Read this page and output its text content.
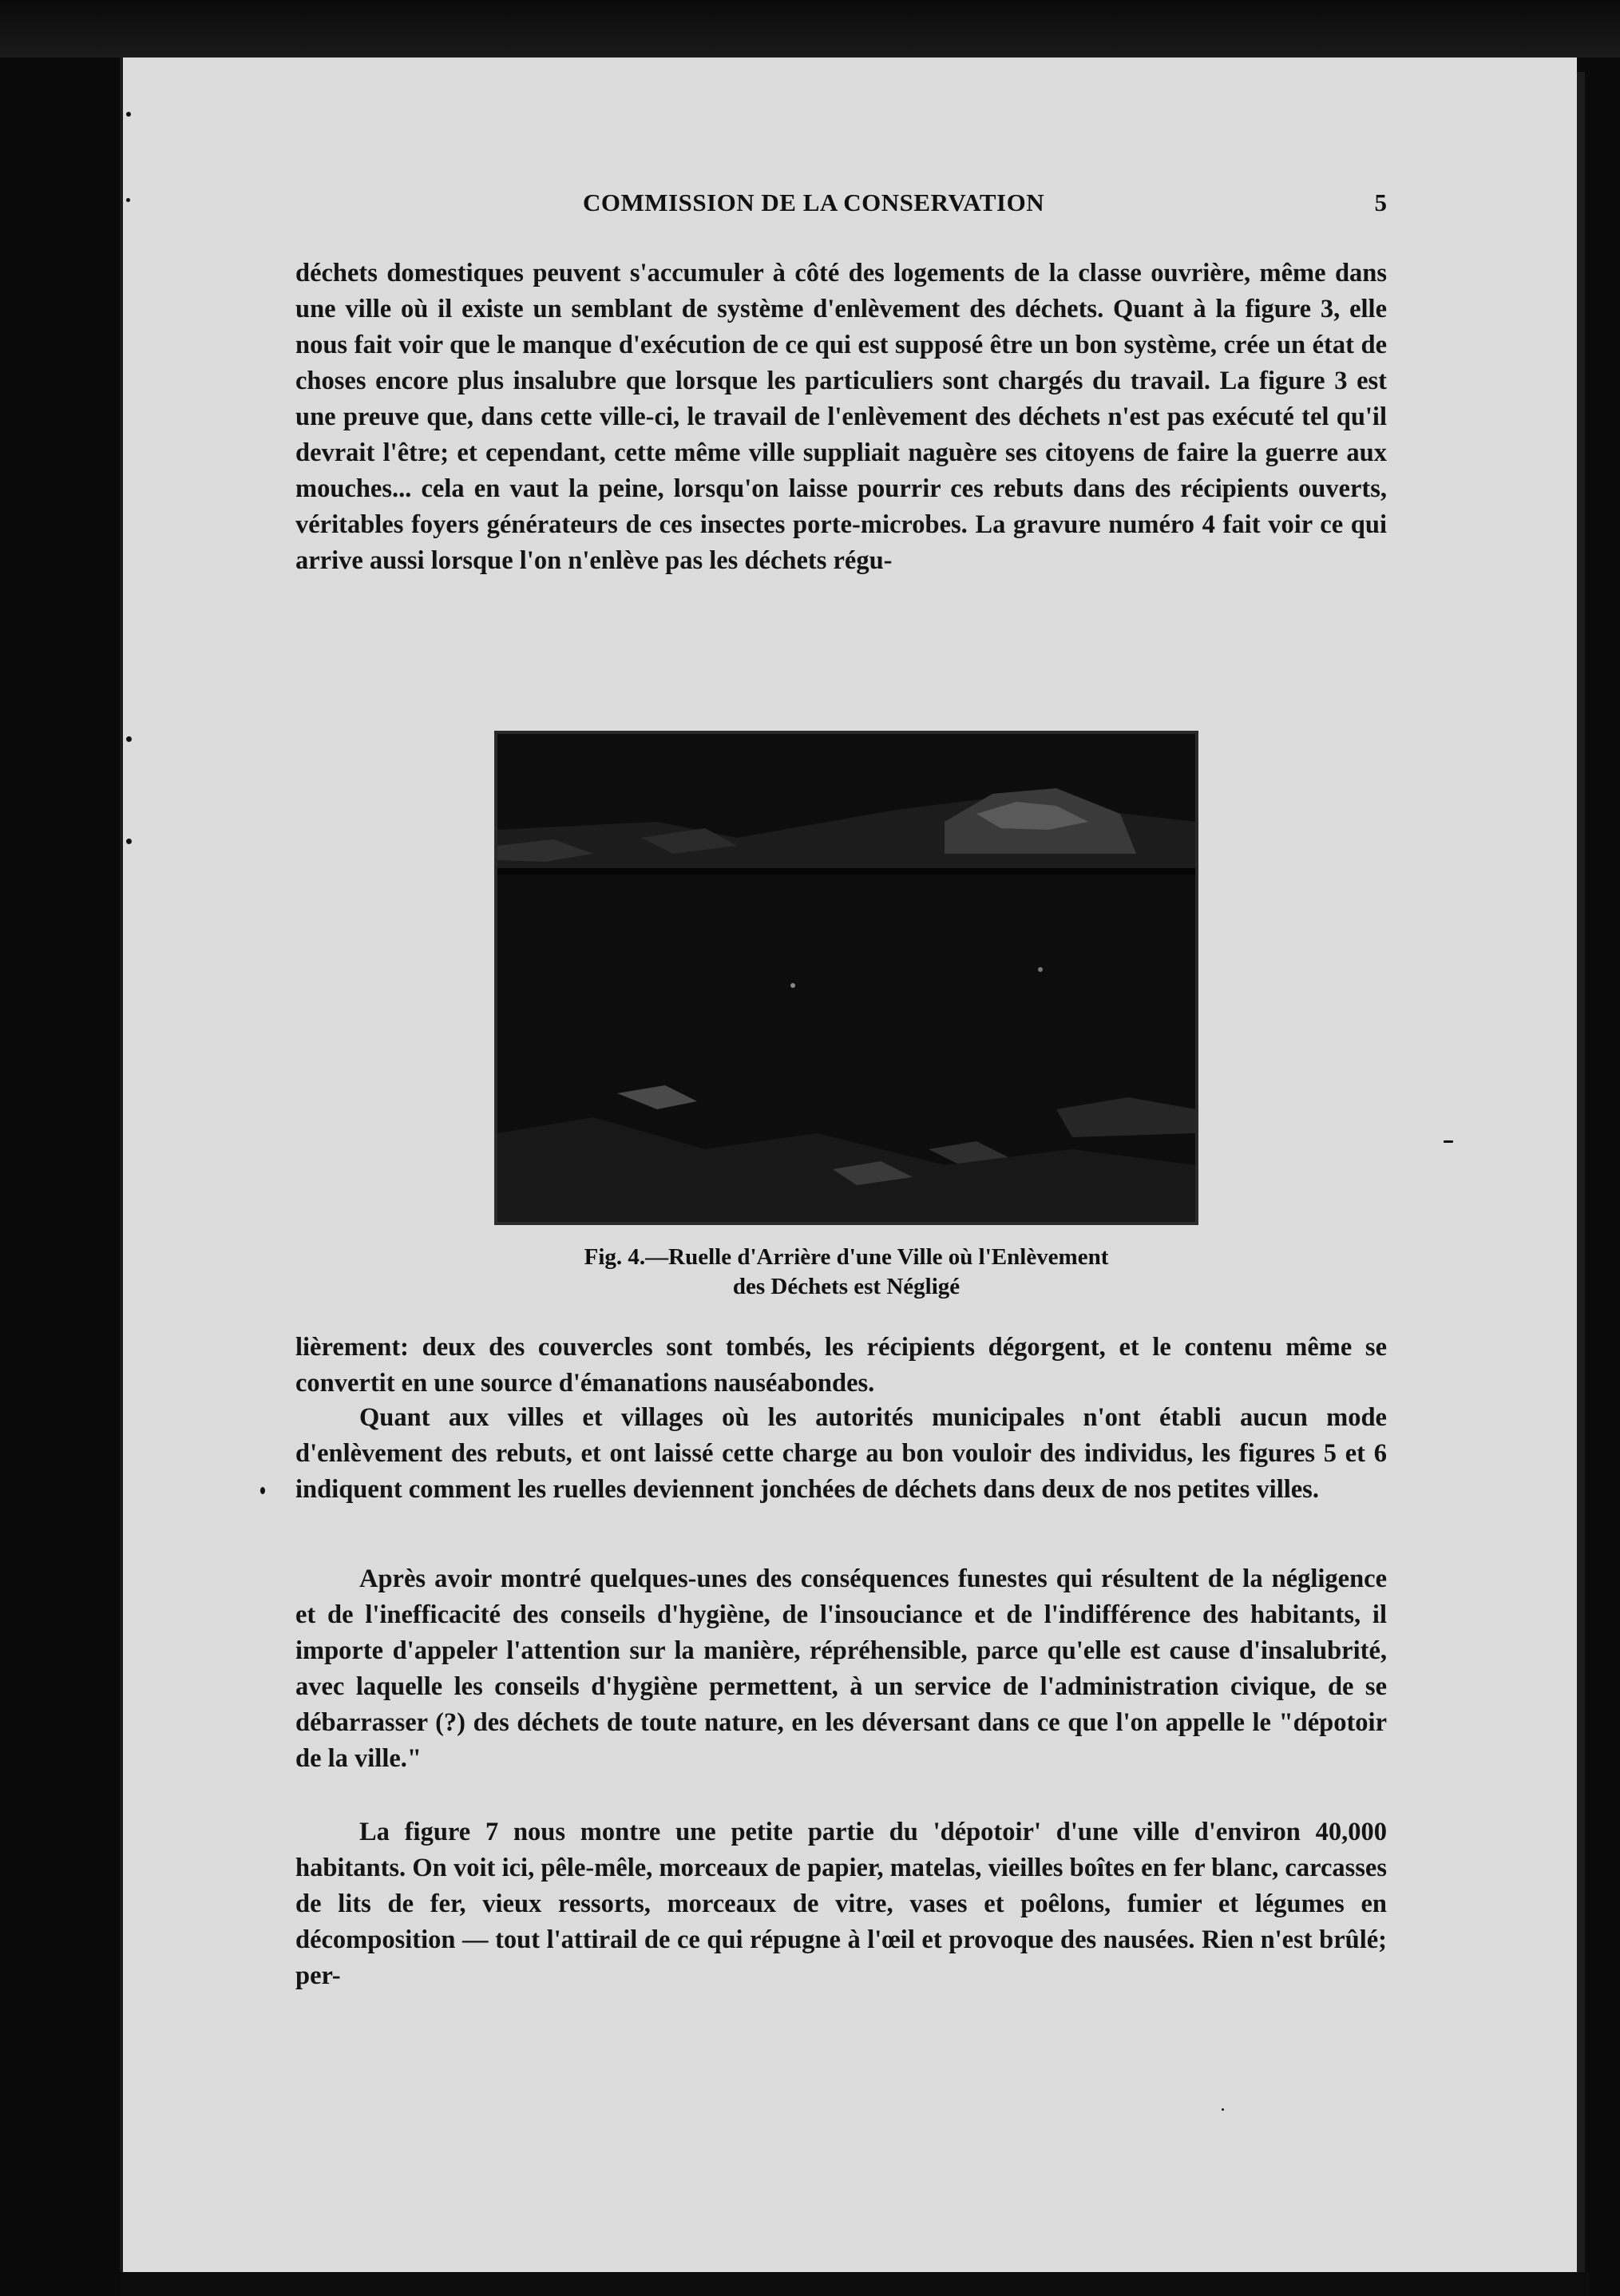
COMMISSION DE LA CONSERVATION	5

déchets domestiques peuvent s'accumuler à côté des logements de la classe ouvrière, même dans une ville où il existe un semblant de système d'enlèvement des déchets. Quant à la figure 3, elle nous fait voir que le manque d'exécution de ce qui est supposé être un bon système, crée un état de choses encore plus insalubre que lorsque les particuliers sont chargés du travail. La figure 3 est une preuve que, dans cette ville-ci, le travail de l'enlèvement des déchets n'est pas exécuté tel qu'il devrait l'être; et cependant, cette même ville suppliait naguère ses citoyens de faire la guerre aux mouches... cela en vaut la peine, lorsqu'on laisse pourrir ces rebuts dans des récipients ouverts, véritables foyers générateurs de ces insectes porte-microbes. La gravure numéro 4 fait voir ce qui arrive aussi lorsque l'on n'enlève pas les déchets régu-

Fig. 4.—Ruelle d'Arrière d'une Ville où l'Enlèvement
des Déchets est Négligé

lièrement: deux des couvercles sont tombés, les récipients dégorgent, et le contenu même se convertit en une source d'émanations nauséabondes.

Quant aux villes et villages où les autorités municipales n'ont établi aucun mode d'enlèvement des rebuts, et ont laissé cette charge au bon vouloir des individus, les figures 5 et 6 indiquent comment les ruelles deviennent jonchées de déchets dans deux de nos petites villes.

Après avoir montré quelques-unes des conséquences funestes qui résultent de la négligence et de l'inefficacité des conseils d'hygiène, de l'insouciance et de l'indifférence des habitants, il importe d'appeler l'attention sur la manière, répréhensible, parce qu'elle est cause d'insalubrité, avec laquelle les conseils d'hygiène permettent, à un service de l'administration civique, de se débarrasser (?) des déchets de toute nature, en les déversant dans ce que l'on appelle le "dépotoir de la ville."

La figure 7 nous montre une petite partie du 'dépotoir' d'une ville d'environ 40,000 habitants. On voit ici, pêle-mêle, morceaux de papier, matelas, vieilles boîtes en fer blanc, carcasses de lits de fer, vieux ressorts, morceaux de vitre, vases et poêlons, fumier et légumes en décomposition — tout l'attirail de ce qui répugne à l'œil et provoque des nausées. Rien n'est brûlé; per-
